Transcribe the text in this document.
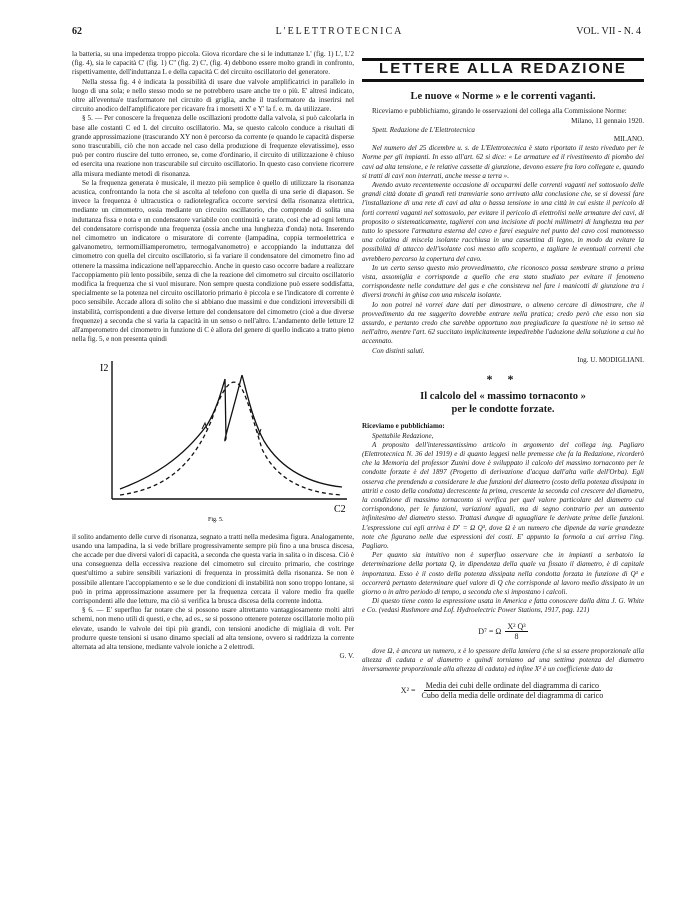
62	L'ELETTROTECNICA	VOL. VII - N. 4

la batteria, su una impedenza troppo piccola. Giova ricordare che si le induttanze L' (fig. 1) L', L'2 (fig. 4), sia le capacità C' (fig. 1) C'' (fig. 2) C', (fig. 4) debbono essere molto grandi in confronto, rispettivamente, dell'induttanza L e della capacità C del circuito oscillatorio del generatore.

Nella stessa fig. 4 è indicata la possibilità di usare due valvole amplificatrici in parallelo in luogo di una sola; e nello stesso modo se ne potrebbero usare anche tre o più. E' altresì indicato, oltre all'eventua'e trasformatore nel circuito di griglia, anche il trasformatore da inserirsi nel circuito anodico dell'amplificatore per ricavare fra i morsetti X' e Y' la f. e. m. da utilizzare.

§ 5. — Per conoscere la frequenza delle oscillazioni prodotte dalla valvola, si può calcolarla in base alle costanti C ed L del circuito oscillatorio. Ma, se questo calcolo conduce a risultati di grande approssimazione (trascurando XY non è percorso da corrente (e quando le capacità disperse sono trascurabili, ciò che non accade nel caso della produzione di frequenze elevatissime), esso può per contro riuscire del tutto erroneo, se, come d'ordinario, il circuito di utilizzazione è chiuso ed esercita una reazione non trascurabile sul circuito oscillatorio. In questo caso conviene ricorrere alla misura mediante metodi di risonanza.

Se la frequenza generata è musicale, il mezzo più semplice è quello di utilizzare la risonanza acustica, confrontando la nota che si ascolta al telefono con quella di una serie di diapason. Se invece la frequenza è ultracustica o radiotelegrafica occorre servirsi della risonanza elettrica, mediante un cimometro, ossia mediante un circuito oscillatorio, che comprende di solita una induttanza fissa e nota e un condensatore variabile con continuità e tarato, così che ad ogni lettura del condensatore corrisponde una frequenza (ossia anche una lunghezza d'onda) nota. Inserendo nel cimometro un indicatore o misuratore di corrente (lampadina, coppia termoelettrica e galvanometro, termomilliamperometro, termogalvanometro) e accoppiando la induttanza del cimometro con quella del circuito oscillatorio, si fa variare il condensatore del cimometro fino ad ottenere la massima indicazione nell'apparecchio. Anche in questo caso occorre badare a realizzare l'accoppiamento più lento possibile, senza di che la reazione del cimometro sul circuito oscillatorio modifica la frequenza che si vuol misurare. Non sempre questa condizione può essere soddisfatta, specialmente se la potenza nel circuito oscillatorio primario è piccola e se l'indicatore di corrente è poco sensibile. Accade allora di solito che si abbiano due massimi e due condizioni irreversibili di instabilità, corrispondenti a due diverse letture del condensatore del cimometro (cioè a due diverse frequenze) a seconda che si varia la capacità in un senso o nell'altro. L'andamento delle letture I2 all'amperometro del cimometro in funzione di C è allora del genere di quello indicato a tratto pieno nella fig. 5, e non presenta quindi

I2
C2
Fig. 5.

il solito andamento delle curve di risonanza, segnato a tratti nella medesima figura. Analogamente, usando una lampadina, la si vede brillare progressivamente sempre più fino a una brusca discesa, che accade per due diversi valori di capacità, a seconda che questa varia in salita o in discesa. Ciò è una conseguenza della eccessiva reazione del cimometro sul circuito primario, che costringe quest'ultimo a subire sensibili variazioni di frequenza in prossimità della risonanza. Se non è possibile allentare l'accoppiamento e se le due condizioni di instabilità non sono troppo lontane, si può in prima approssimazione assumere per la frequenza cercata il valore medio fra quelle corrispondenti alle due letture, ma ciò si verifica la brusca discesa della corrente indotta.

§ 6. — E' superfluo far notare che si possono usare altrettanto vantaggiosamente molti altri schemi, non meno utili di questi, e che, ad es., se si possono ottenere potenze oscillatorie molto più elevate, usando le valvole dei tipi più grandi, con tensioni anodiche di migliaia di volt. Per produrre queste tensioni si usano dinamo speciali ad alta tensione, ovvero si raddrizza la corrente alternata ad alta tensione, mediante valvole ioniche a 2 elettrodi.

G. V.

LETTERE ALLA REDAZIONE
Le nuove « Norme » e le correnti vaganti.

Riceviamo e pubblichiamo, girando le osservazioni del collega alla Commissione Norme:

Milano, 11 gennaio 1920.

Spett. Redazione de L'Elettrotecnica

MILANO.

Nel numero del 25 dicembre u. s. de L'Elettrotecnica è stato riportato il testo riveduto per le Norme per gli impianti. In esso all'art. 62 si dice: « Le armature ed il rivestimento di piombo dei cavi ad alta tensione, e le relative cassette di giunzione, devono essere fra loro collegate e, quando si tratti di cavi non interrati, anche messe a terra ».

Avendo avuto recentemente occasione di occuparmi delle correnti vaganti nel sottosuolo delle grandi città dotate di grandi reti tramviarie sono arrivato alla conclusione che, se si dovessi fare l'installazione di una rete di cavi ad alta o bassa tensione in una città in cui esiste il pericolo di forti correnti vaganti nel sottosuolo, per evitare il pericolo di elettrolisi nelle armature dei cavi, di proposito o sistematicamente, taglierei con una incisione di pochi millimetri di lunghezza ma per tutto lo spessore l'armatura esterna del cavo e farei eseguire nel punto del cavo così manomesso una colatina di miscela isolante racchiusa in una cassettina di legno, in modo da evitare la possibilità di attacco dell'isolante così messo allo scoperto, e tagliare le eventuali correnti che avrebbero percorso la copertura del cavo.

In un certo senso questo mio provvedimento, che riconosco possa sembrare strano a prima vista, assomiglia e corrisponde a quello che era stato studiato per evitare il fenomeno corrispondente nelle condutture del gas e che consisteva nel fare i manicotti di giunzione tra i diversi tronchi in ghisa con una miscela isolante.

Io non potrei nè vorrei dare dati per dimostrare, o almeno cercare di dimostrare, che il provvedimento da me suggerito dovrebbe entrare nella pratica; credo però che esso non sia assurdo, e pertanto credo che sarebbe opportuno non pregiudicare la questione nè in senso nè nell'altro, mentre l'art. 62 succitato implicitamente impedirebbe l'adozione della soluzione a cui ho accennato.

Con distinti saluti.

Ing. U. MODIGLIANI.

* *
Il calcolo del « massimo tornaconto »
per le condotte forzate.

Riceviamo e pubblichiamo:

Spettabile Redazione,

A proposito dell'interessantissimo articolo in argomento del collega ing. Pagliaro (Elettrotecnica N. 36 del 1919) e di quanto leggesi nelle premesse che fa la Redazione, ricorderò che la Memoria del professor Zunini dove è sviluppato il calcolo del massimo tornaconto per le condotte forzate è del 1897 (Progetto di derivazione d'acqua dall'alta valle dell'Orba). Egli osserva che prendendo a considerare le due funzioni del diametro (costo della potenza dissipata in attriti e costo della condotta) decrescente la prima, crescente la seconda col crescere del diametro, la condizione di massimo tornaconto si verifica per quel valore particolare del diametro cui corrispondono, per le funzioni, variazioni uguali, ma di segno contrario per un aumento infinitesimo del diametro stesso. Trattasi dunque di uguagliare le derivate prime delle funzioni. L'espressione cui egli arriva è D⁷ = Ω Q³, dove Ω è un numero che dipende da varie grandezze note che figurano nelle due espressioni dei costi. E' appunto la formola a cui arriva l'ing. Pagliaro.

Per quanto sia intuitivo non è superfluo osservare che in impianti a serbatoio la determinazione della portata Q, in dipendenza della quale va fissato il diametro, è di capitale importanza. Esso è il costo della potenza dissipata nella condotta forzata in funzione di Q³ e occorrerà pertanto determinare quel valore di Q che corrisponde al lavoro medio dissipato in un giorno o in altro periodo di tempo, a seconda che si impostano i calcoli.

Di questo tiene conto la espressione usata in America e fatta conoscere dalla ditta J. G. White e Co. (vedasi Rushmore and Lof. Hydroelectric Power Stations, 1917, pag. 121)

D⁷ = Ω $\frac{\text{X² Q³}}{8}$

dove Ω, è ancora un numero, x è lo spessore della lamiera (che si sa essere proporzionale alla altezza di caduta e al diametro e quindi torniamo ad una settima potenza del diametro inversamente proporzionale alla altezza di caduta) ed infine X² è un coefficiente dato da

X² =
Media dei cubi delle ordinate del diagramma di carico
Cubo della media delle ordinate del diagramma di carico
